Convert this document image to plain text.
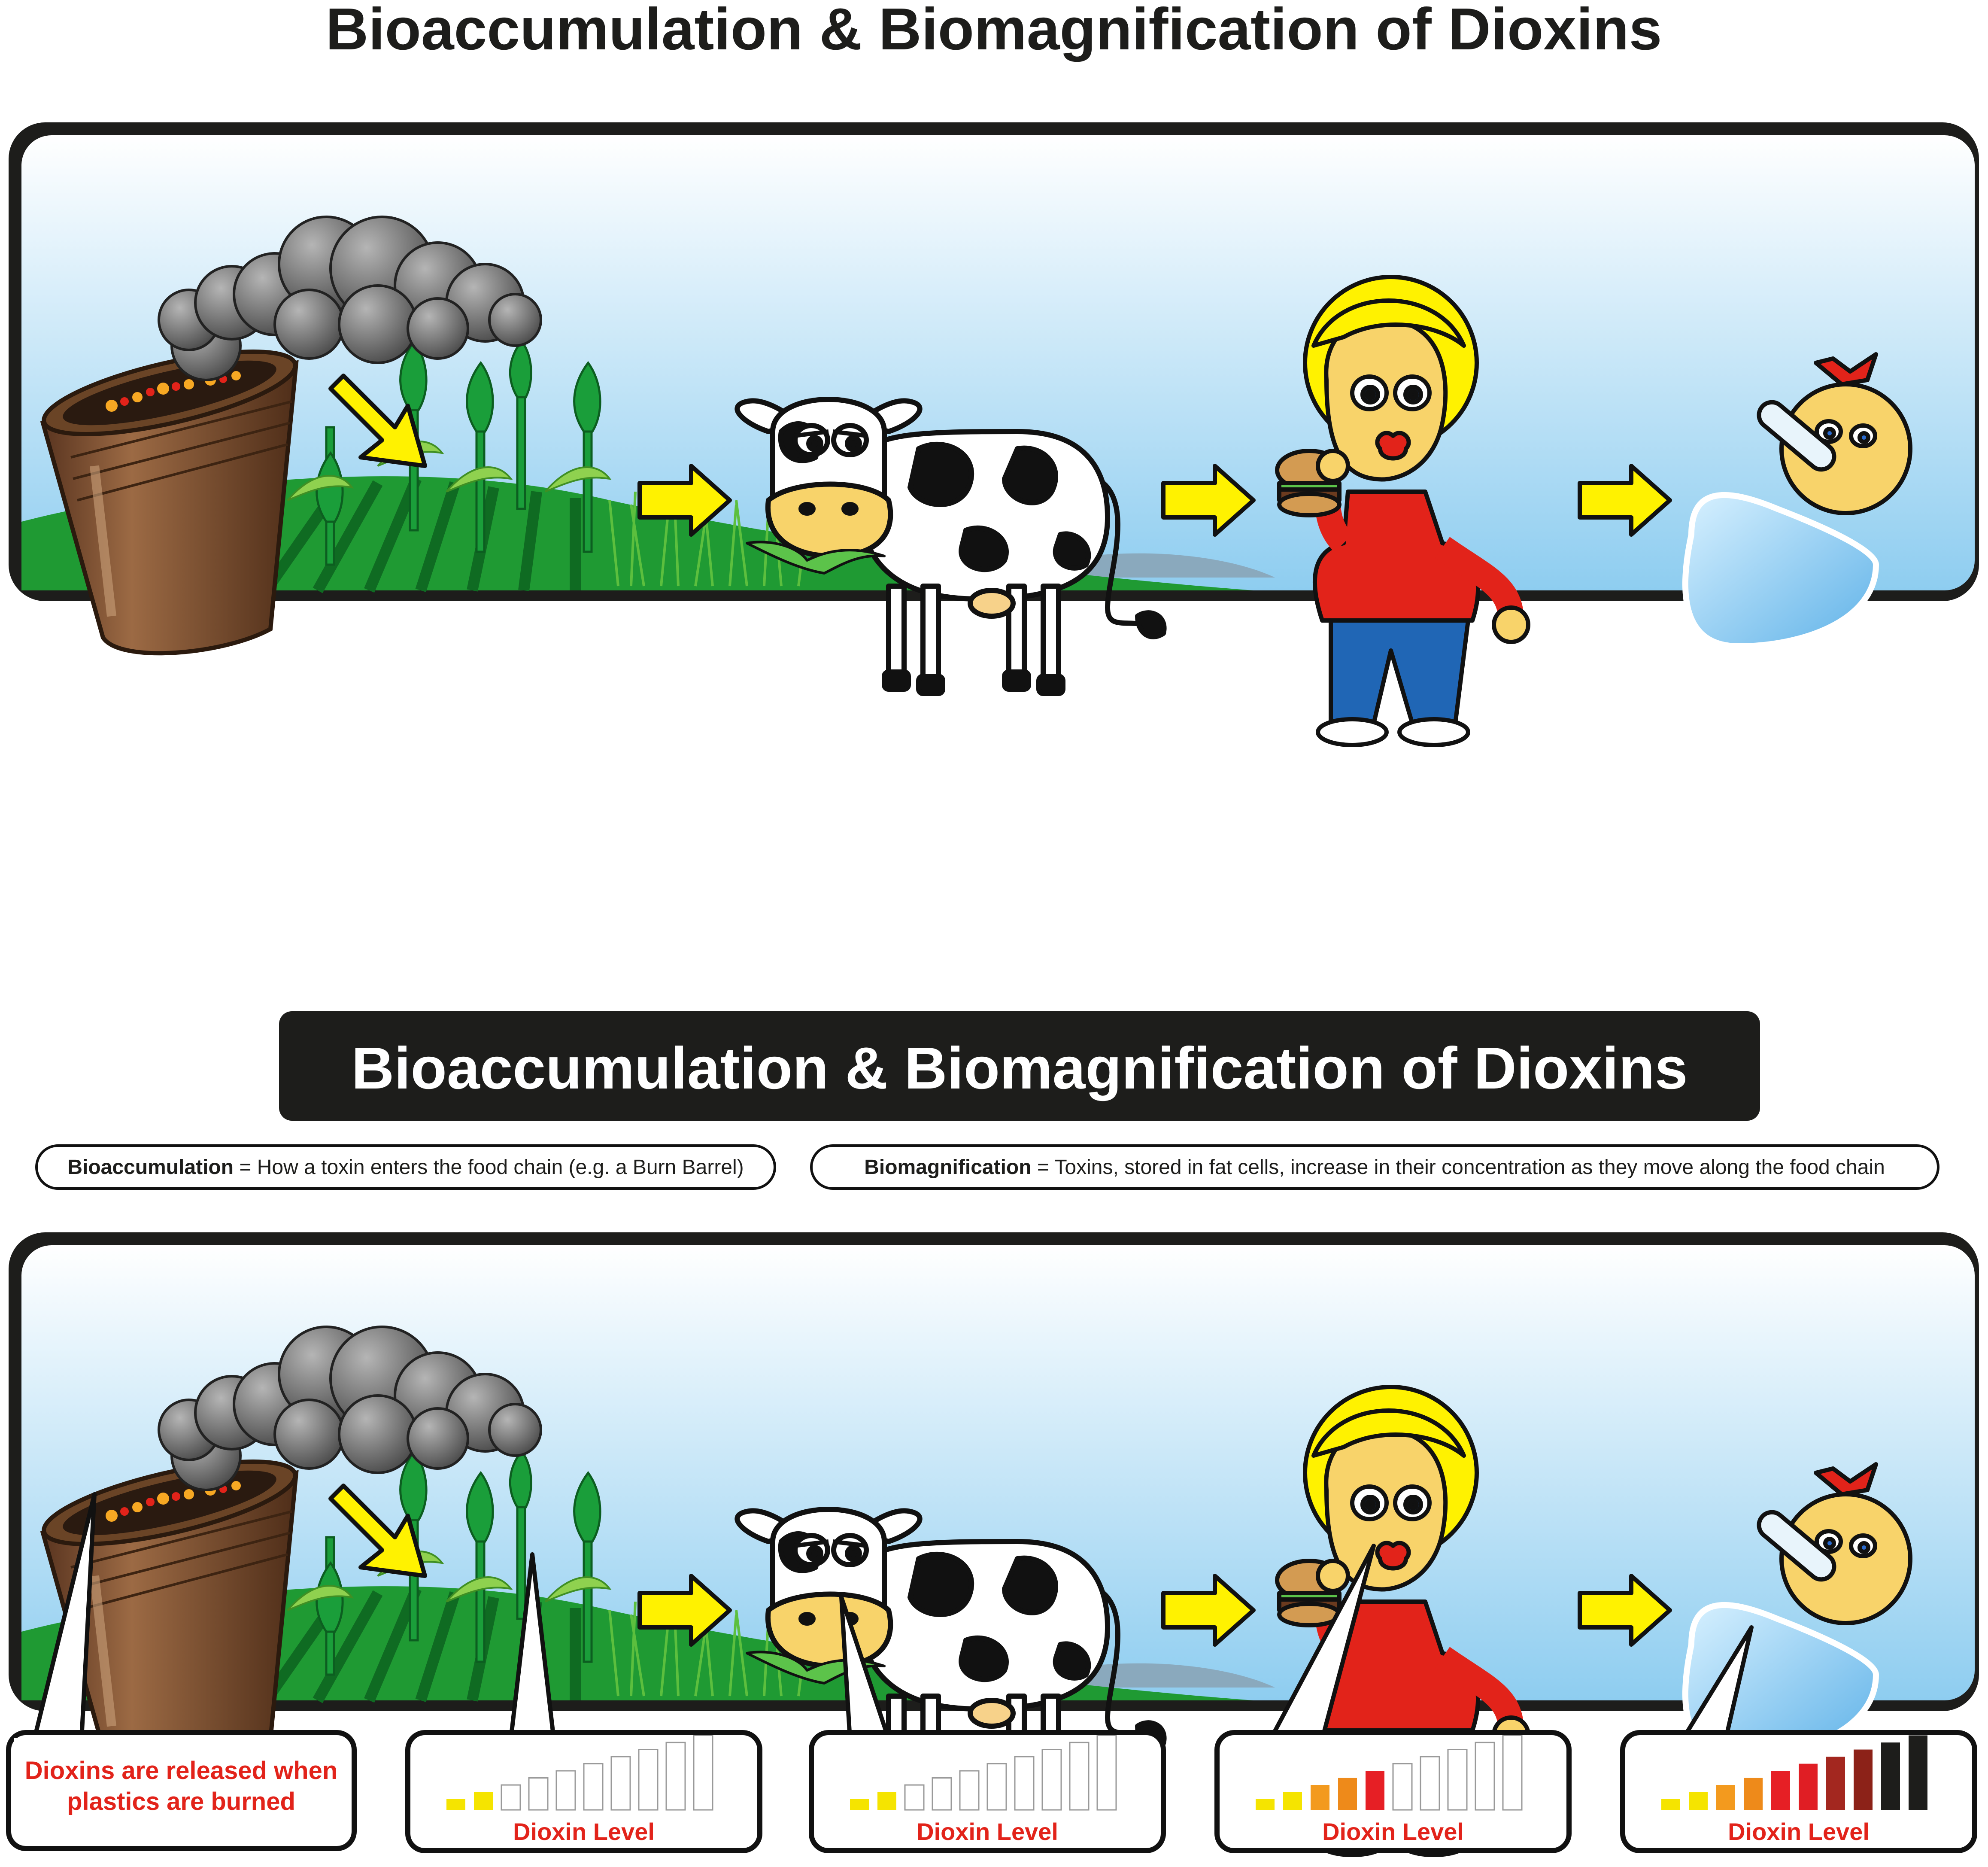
Bioaccumulation & Biomagnification of Dioxins
Bioaccumulation & Biomagnification of Dioxins
Bioaccumulation = How a toxin enters the food chain (e.g. a Burn Barrel)	Biomagnification = Toxins, stored in fat cells, increase in their concentration as they move along the food chain
Dioxins are released when
plastics are burned
Dioxin Level	Dioxin Level	Dioxin Level	Dioxin Level
